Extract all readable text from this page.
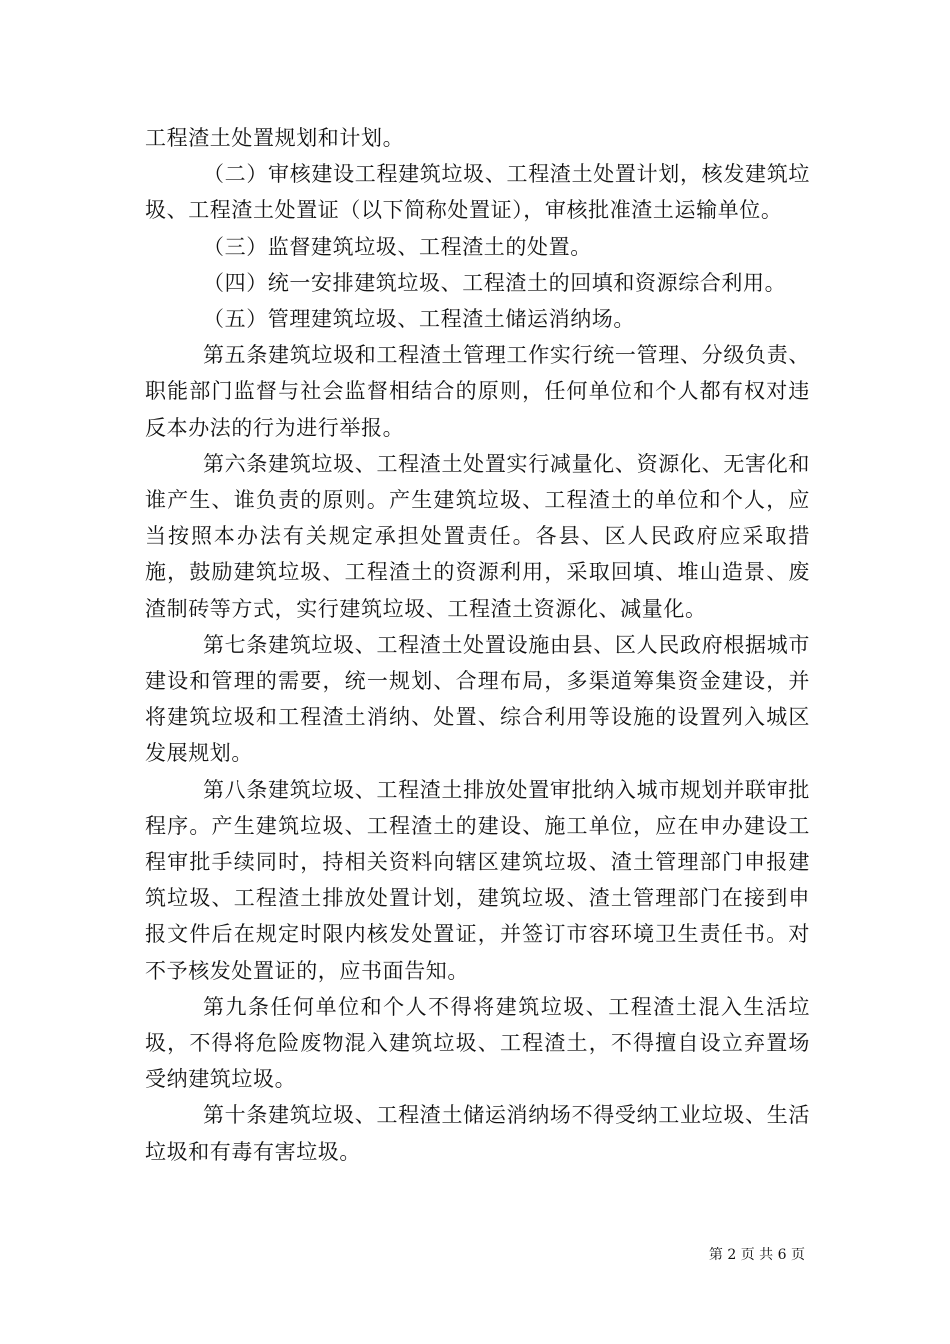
工程渣土处置规划和计划。

（二）审核建设工程建筑垃圾、工程渣土处置计划，核发建筑垃圾、工程渣土处置证（以下简称处置证），审核批准渣土运输单位。

（三）监督建筑垃圾、工程渣土的处置。

（四）统一安排建筑垃圾、工程渣土的回填和资源综合利用。

（五）管理建筑垃圾、工程渣土储运消纳场。

第五条建筑垃圾和工程渣土管理工作实行统一管理、分级负责、职能部门监督与社会监督相结合的原则，任何单位和个人都有权对违反本办法的行为进行举报。

第六条建筑垃圾、工程渣土处置实行减量化、资源化、无害化和谁产生、谁负责的原则。产生建筑垃圾、工程渣土的单位和个人，应当按照本办法有关规定承担处置责任。各县、区人民政府应采取措施，鼓励建筑垃圾、工程渣土的资源利用，采取回填、堆山造景、废渣制砖等方式，实行建筑垃圾、工程渣土资源化、减量化。

第七条建筑垃圾、工程渣土处置设施由县、区人民政府根据城市建设和管理的需要，统一规划、合理布局，多渠道筹集资金建设，并将建筑垃圾和工程渣土消纳、处置、综合利用等设施的设置列入城区发展规划。

第八条建筑垃圾、工程渣土排放处置审批纳入城市规划并联审批程序。产生建筑垃圾、工程渣土的建设、施工单位，应在申办建设工程审批手续同时，持相关资料向辖区建筑垃圾、渣土管理部门申报建筑垃圾、工程渣土排放处置计划，建筑垃圾、渣土管理部门在接到申报文件后在规定时限内核发处置证，并签订市容环境卫生责任书。对不予核发处置证的，应书面告知。

第九条任何单位和个人不得将建筑垃圾、工程渣土混入生活垃圾，不得将危险废物混入建筑垃圾、工程渣土，不得擅自设立弃置场受纳建筑垃圾。

第十条建筑垃圾、工程渣土储运消纳场不得受纳工业垃圾、生活垃圾和有毒有害垃圾。

第 2 页 共 6 页
